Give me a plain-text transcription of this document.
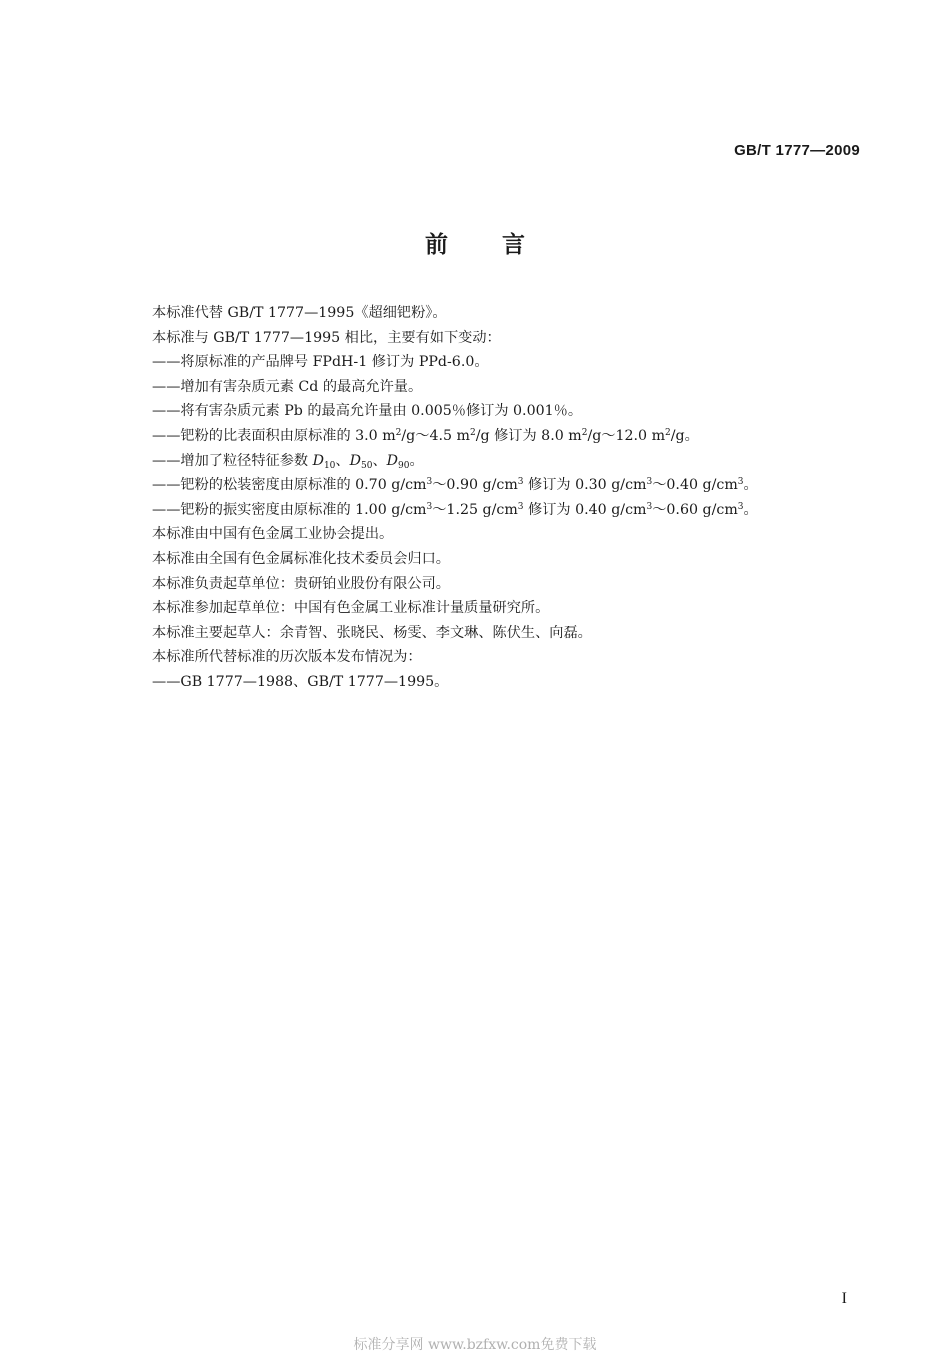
GB/T 1777—2009
前言
本标准代替 GB/T 1777—1995《超细钯粉》。
本标准与 GB/T 1777—1995 相比，主要有如下变动：
——将原标准的产品牌号 FPdH-1 修订为 PPd-6.0。
——增加有害杂质元素 Cd 的最高允许量。
——将有害杂质元素 Pb 的最高允许量由 0.005％修订为 0.001％。
——钯粉的比表面积由原标准的 3.0 $m^2/g\sim 4.5$ $m^2/g$ 修订为 8.0 $m^2/g\sim 12.0$ $m^2/g$。
——增加了粒径特征参数 $D_{10}$、$D_{50}$、$D_{90}$。
——钯粉的松装密度由原标准的 0.70 $g/cm^3\sim 0.90$ $g/cm^3$ 修订为 0.30 $g/cm^3\sim 0.40$ $g/cm^3$。
——钯粉的振实密度由原标准的 1.00 $g/cm^3\sim 1.25$ $g/cm^3$ 修订为 0.40 $g/cm^3\sim 0.60$ $g/cm^3$。
本标准由中国有色金属工业协会提出。
本标准由全国有色金属标准化技术委员会归口。
本标准负责起草单位：贵研铂业股份有限公司。
本标准参加起草单位：中国有色金属工业标准计量质量研究所。
本标准主要起草人：余青智、张晓民、杨雯、李文琳、陈伏生、向磊。
本标准所代替标准的历次版本发布情况为：
——GB 1777—1988、GB/T 1777—1995。
I
标准分享网 www.bzfxw.com免费下载
